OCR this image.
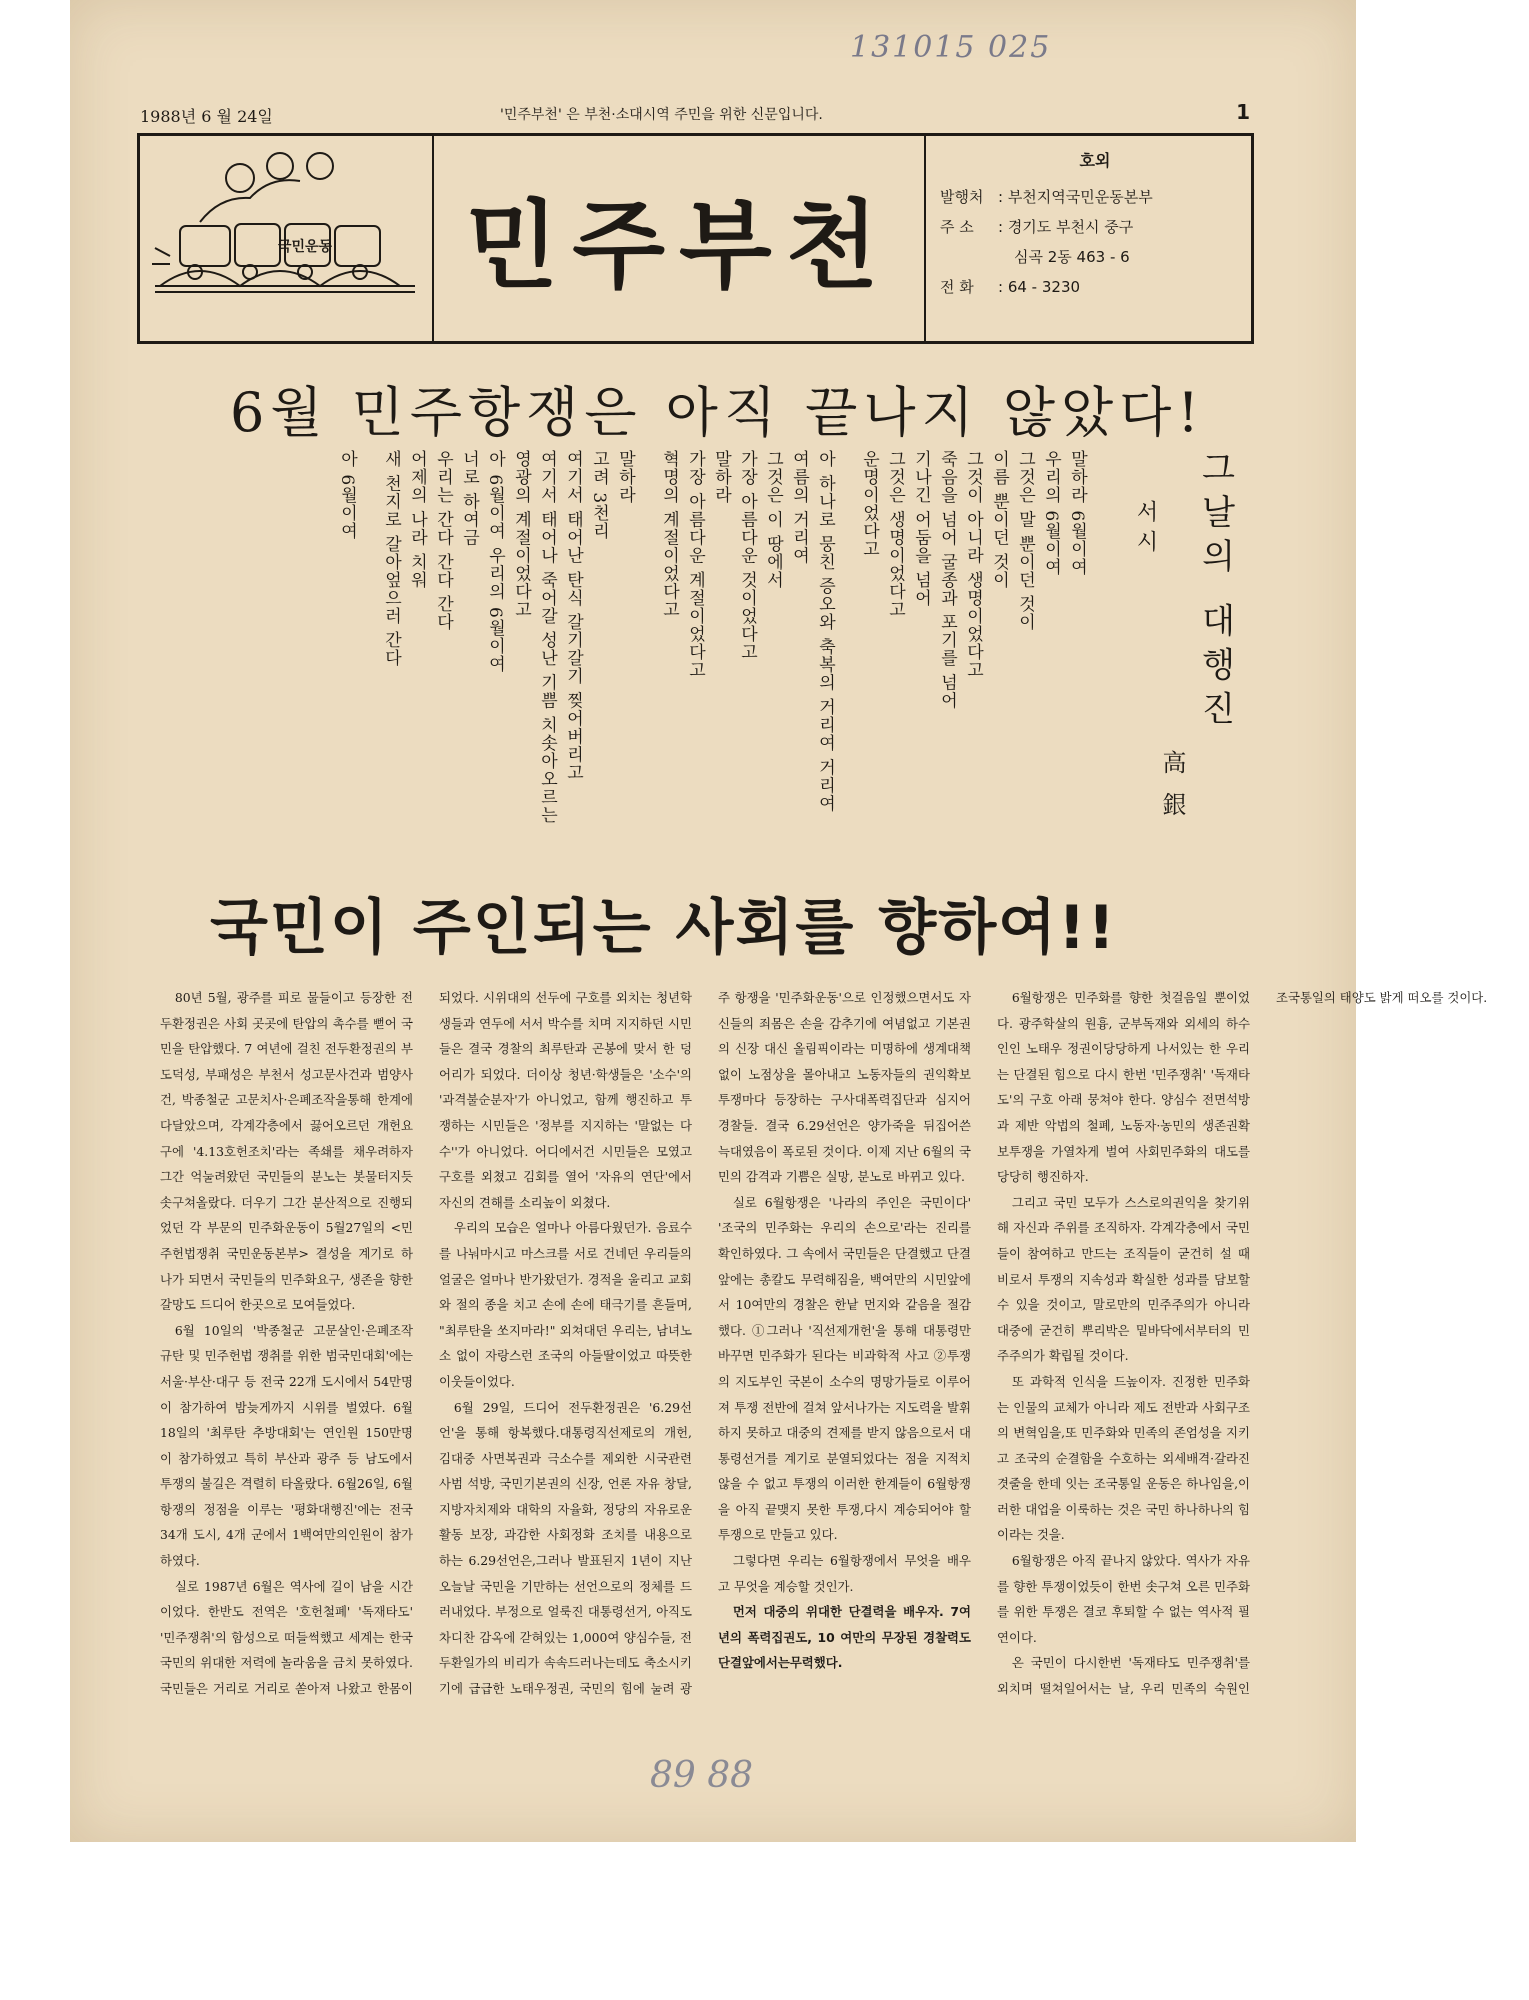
131015 025
1988년 6 월 24일	'민주부천' 은 부천·소대시역 주민을 위한 신문입니다.	1
국민운동	민주부천
호외
발행처 : 부천지역국민운동본부
주 소	: 경기도 부천시 중구
심곡 2동 463 - 6
전 화	: 64 - 3230
6월 민주항쟁은 아직 끝나지 않았다!
그날의 대행진
서시
말하라 6월이여
우리의 6월이여
그것은 말 뿐이던 것이
이름 뿐이던 것이
그것이 아니라 생명이었다고
죽음을 넘어 굴종과 포기를 넘어
기나긴 어둠을 넘어
그것은 생명이었다고
운명이었다고
아 하나로 뭉친 증오와 축복의 거리여 거리여
여름의 거리여
그것은 이 땅에서
가장 아름다운 것이었다고
말하라
가장 아름다운 계절이었다고
혁명의 계절이었다고
말하라
고려 3천리
여기서 태어난 탄식 갈기갈기 찢어버리고
여기서 태어나 죽어갈 성난 기쁨 치솟아오르는
영광의 계절이었다고
아 6월이여 우리의 6월이여
너로 하여금
우리는 간다 간다 간다
어제의 나라 치워
새 천지로 갈아엎으러 간다
아 6월이여
高銀
국민이 주인되는 사회를 향하여!!

80년 5월, 광주를 피로 물들이고 등장한 전두환정권은 사회 곳곳에 탄압의 촉수를 뻗어 국민을 탄압했다. 7 여년에 걸친 전두환정권의 부도덕성, 부패성은 부천서 성고문사건과 범양사건, 박종철군 고문치사·은폐조작을통해 한계에 다달았으며, 각계각층에서 끓어오르던 개헌요구에 '4.13호헌조치'라는 족쇄를 채우려하자 그간 억눌려왔던 국민들의 분노는 봇물터지듯 솟구쳐올랐다. 더우기 그간 분산적으로 진행되었던 각 부문의 민주화운동이 5월27일의 <민주헌법쟁취 국민운동본부> 결성을 계기로 하나가 되면서 국민들의 민주화요구, 생존을 향한 갈망도 드디어 한곳으로 모여들었다.

6월 10일의 '박종철군 고문살인·은폐조작 규탄 및 민주헌법 쟁취를 위한 범국민대회'에는 서울·부산·대구 등 전국 22개 도시에서 54만명이 참가하여 밤늦게까지 시위를 벌였다. 6월 18일의 '최루탄 추방대회'는 연인원 150만명이 참가하였고 특히 부산과 광주 등 남도에서 투쟁의 불길은 격렬히 타올랐다. 6월26일, 6월항쟁의 정점을 이루는 '평화대행진'에는 전국34개 도시, 4개 군에서 1백여만의인원이 참가하였다.

실로 1987년 6월은 역사에 길이 남을 시간이었다. 한반도 전역은 '호헌철폐' '독재타도' '민주쟁취'의 함성으로 떠들썩했고 세계는 한국 국민의 위대한 저력에 놀라움을 금치 못하였다. 국민들은 거리로 거리로 쏟아져 나왔고 한몸이 되었다. 시위대의 선두에 구호를 외치는 청년학생들과 연두에 서서 박수를 치며 지지하던 시민들은 결국 경찰의 최루탄과 곤봉에 맞서 한 덩어리가 되었다. 더이상 청년·학생들은 '소수'의 '과격불순분자'가 아니었고, 함께 행진하고 투쟁하는 시민들은 '정부를 지지하는 '말없는 다수''가 아니었다. 어디에서건 시민들은 모였고 구호를 외쳤고 김회를 열어 '자유의 연단'에서 자신의 견해를 소리높이 외쳤다.

우리의 모습은 얼마나 아름다웠던가. 음료수를 나눠마시고 마스크를 서로 건네던 우리들의 얼굴은 얼마나 반가왔던가. 경적을 울리고 교회와 절의 종을 치고 손에 손에 태극기를 흔들며, "최루탄을 쏘지마라!" 외쳐대던 우리는, 남녀노소 없이 자랑스런 조국의 아들딸이었고 따뜻한 이웃들이었다.

6월 29일, 드디어 전두환정권은 '6.29선언'을 통해 항복했다.대통령직선제로의 개헌, 김대중 사면복권과 극소수를 제외한 시국관련사범 석방, 국민기본권의 신장, 언론 자유 창달, 지방자치제와 대학의 자율화, 정당의 자유로운 활동 보장, 과감한 사회정화 조치를 내용으로 하는 6.29선언은,그러나 발표된지 1년이 지난 오늘날 국민을 기만하는 선언으로의 정체를 드러내었다. 부정으로 얼룩진 대통령선거, 아직도 차디찬 감옥에 갇혀있는 1,000여 양심수들, 전두환일가의 비리가 속속드러나는데도 축소시키기에 급급한 노태우정권, 국민의 힘에 눌려 광주 항쟁을 '민주화운동'으로 인정했으면서도 자신들의 죄몸은 손을 감추기에 여념없고 기본권의 신장 대신 올림픽이라는 미명하에 생계대책없이 노점상을 몰아내고 노동자들의 권익확보투쟁마다 등장하는 구사대폭력집단과 심지어 경찰들. 결국 6.29선언은 양가죽을 뒤집어쓴 늑대였음이 폭로된 것이다. 이제 지난 6월의 국민의 감격과 기쁨은 실망, 분노로 바뀌고 있다.

실로 6월항쟁은 '나라의 주인은 국민이다' '조국의 민주화는 우리의 손으로'라는 진리를 확인하였다. 그 속에서 국민들은 단결했고 단결앞에는 총칼도 무력해짐을, 백여만의 시민앞에서 10여만의 경찰은 한낱 먼지와 같음을 절감했다. ①그러나 '직선제개헌'을 통해 대통령만 바꾸면 민주화가 된다는 비과학적 사고 ②투쟁의 지도부인 국본이 소수의 명망가들로 이루어져 투쟁 전반에 걸쳐 앞서나가는 지도력을 발휘하지 못하고 대중의 견제를 받지 않음으로서 대통령선거를 계기로 분열되었다는 점을 지적치않을 수 없고 투쟁의 이러한 한계들이 6월항쟁을 아직 끝맺지 못한 투쟁,다시 계승되어야 할 투쟁으로 만들고 있다.

그렇다면 우리는 6월항쟁에서 무엇을 배우고 무엇을 계승할 것인가.

먼저 대중의 위대한 단결력을 배우자. 7여년의 폭력집권도, 10 여만의 무장된 경찰력도 단결앞에서는무력했다.

6월항쟁은 민주화를 향한 첫걸음일 뿐이었다. 광주학살의 원흉, 군부독재와 외세의 하수인인 노태우 정권이당당하게 나서있는 한 우리는 단결된 힘으로 다시 한번 '민주쟁취' '독재타도'의 구호 아래 뭉쳐야 한다. 양심수 전면석방과 제반 악법의 철폐, 노동자·농민의 생존권확보투쟁을 가열차게 벌여 사회민주화의 대도를 당당히 행진하자.

그리고 국민 모두가 스스로의권익을 찾기위해 자신과 주위를 조직하자. 각계각층에서 국민들이 참여하고 만드는 조직들이 굳건히 설 때 비로서 투쟁의 지속성과 확실한 성과를 담보할 수 있을 것이고, 말로만의 민주주의가 아니라 대중에 굳건히 뿌리박은 밑바닥에서부터의 민주주의가 확립될 것이다.

또 과학적 인식을 드높이자. 진정한 민주화는 인물의 교체가 아니라 제도 전반과 사회구조의 변혁임을,또 민주화와 민족의 존엄성을 지키고 조국의 순결함을 수호하는 외세배격·갈라진 겻줄을 한데 잇는 조국통일 운동은 하나임을,이러한 대업을 이룩하는 것은 국민 하나하나의 힘이라는 것을.

6월항쟁은 아직 끝나지 않았다. 역사가 자유를 향한 투쟁이었듯이 한번 솟구쳐 오른 민주화를 위한 투쟁은 결코 후퇴할 수 없는 역사적 필연이다.

온 국민이 다시한번 '독재타도 민주쟁취'를 외치며 떨쳐일어서는 날, 우리 민족의 숙원인 조국통일의 태양도 밝게 떠오를 것이다.

89 88
